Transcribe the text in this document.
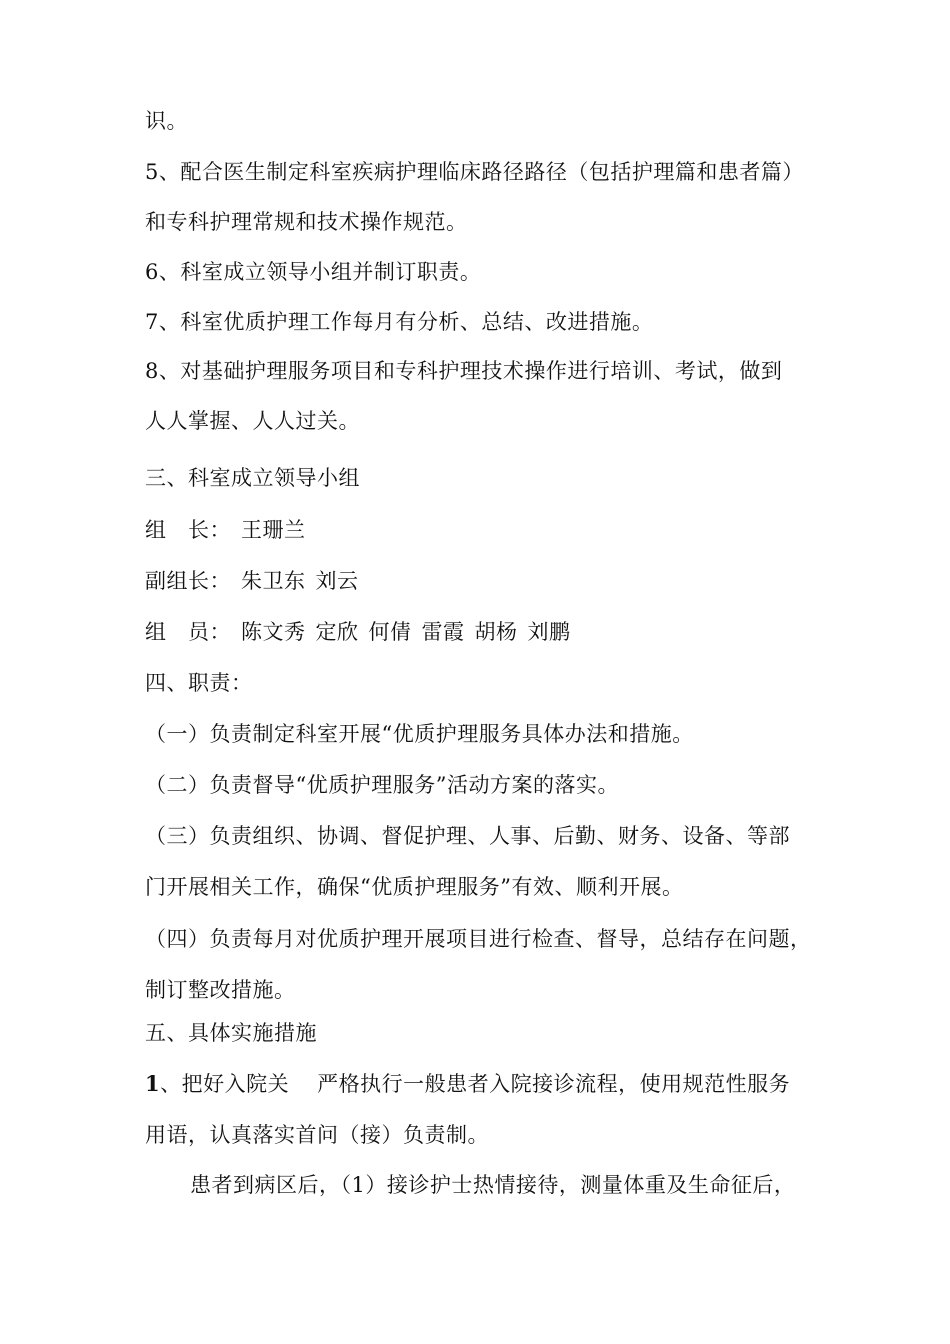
识。
5、配合医生制定科室疾病护理临床路径路径（包括护理篇和患者篇）
和专科护理常规和技术操作规范。
6、科室成立领导小组并制订职责。
7、科室优质护理工作每月有分析、总结、改进措施。
8、对基础护理服务项目和专科护理技术操作进行培训、考试，做到
人人掌握、人人过关。
三、科室成立领导小组
组　长： 王珊兰
副组长： 朱卫东 刘云
组　员： 陈文秀 定欣 何倩 雷霞 胡杨 刘鹏
四、职责：
（一）负责制定科室开展“优质护理服务具体办法和措施。
（二）负责督导“优质护理服务”活动方案的落实。
（三）负责组织、协调、督促护理、人事、后勤、财务、设备、等部
门开展相关工作，确保“优质护理服务”有效、顺利开展。
（四）负责每月对优质护理开展项目进行检查、督导，总结存在问题，
制订整改措施。
五、具体实施措施
1、把好入院关 严格执行一般患者入院接诊流程，使用规范性服务
用语，认真落实首问（接）负责制。
患者到病区后，（1）接诊护士热情接待，测量体重及生命征后，
